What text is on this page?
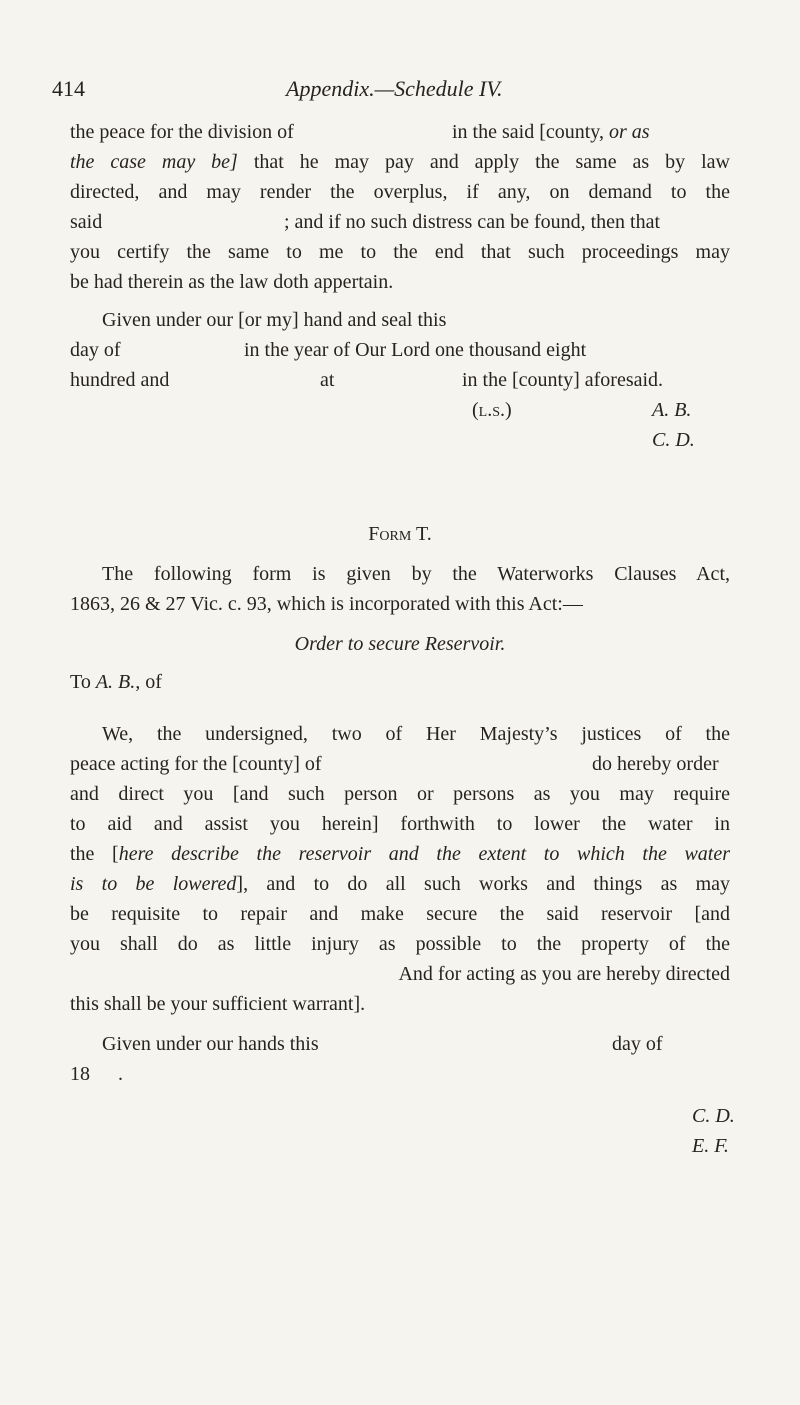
414	Appendix.—Schedule IV.
the peace for the division of	in the said [county, or as
the case may be] that he may pay and apply the same as by law
directed, and may render the overplus, if any, on demand to the
said	; and if no such distress can be found, then that
you certify the same to me to the end that such proceedings may
be had therein as the law doth appertain.
Given under our [or my] hand and seal this
day of	in the year of Our Lord one thousand eight
hundred and	at	in the [county] aforesaid.
(l.s.)	A. B.
C. D.
Form T.
The following form is given by the Waterworks Clauses Act,
1863, 26 & 27 Vic. c. 93, which is incorporated with this Act:—
Order to secure Reservoir.
To A. B., of
We, the undersigned, two of Her Majesty’s justices of the
peace acting for the [county] of	do hereby order
and direct you [and such person or persons as you may require
to aid and assist you herein] forthwith to lower the water in
the [here describe the reservoir and the extent to which the water
is to be lowered], and to do all such works and things as may
be requisite to repair and make secure the said reservoir [and
you shall do as little injury as possible to the property of the
And for acting as you are hereby directed
this shall be your sufficient warrant].
Given under our hands this	day of
18 .
C. D.
E. F.
